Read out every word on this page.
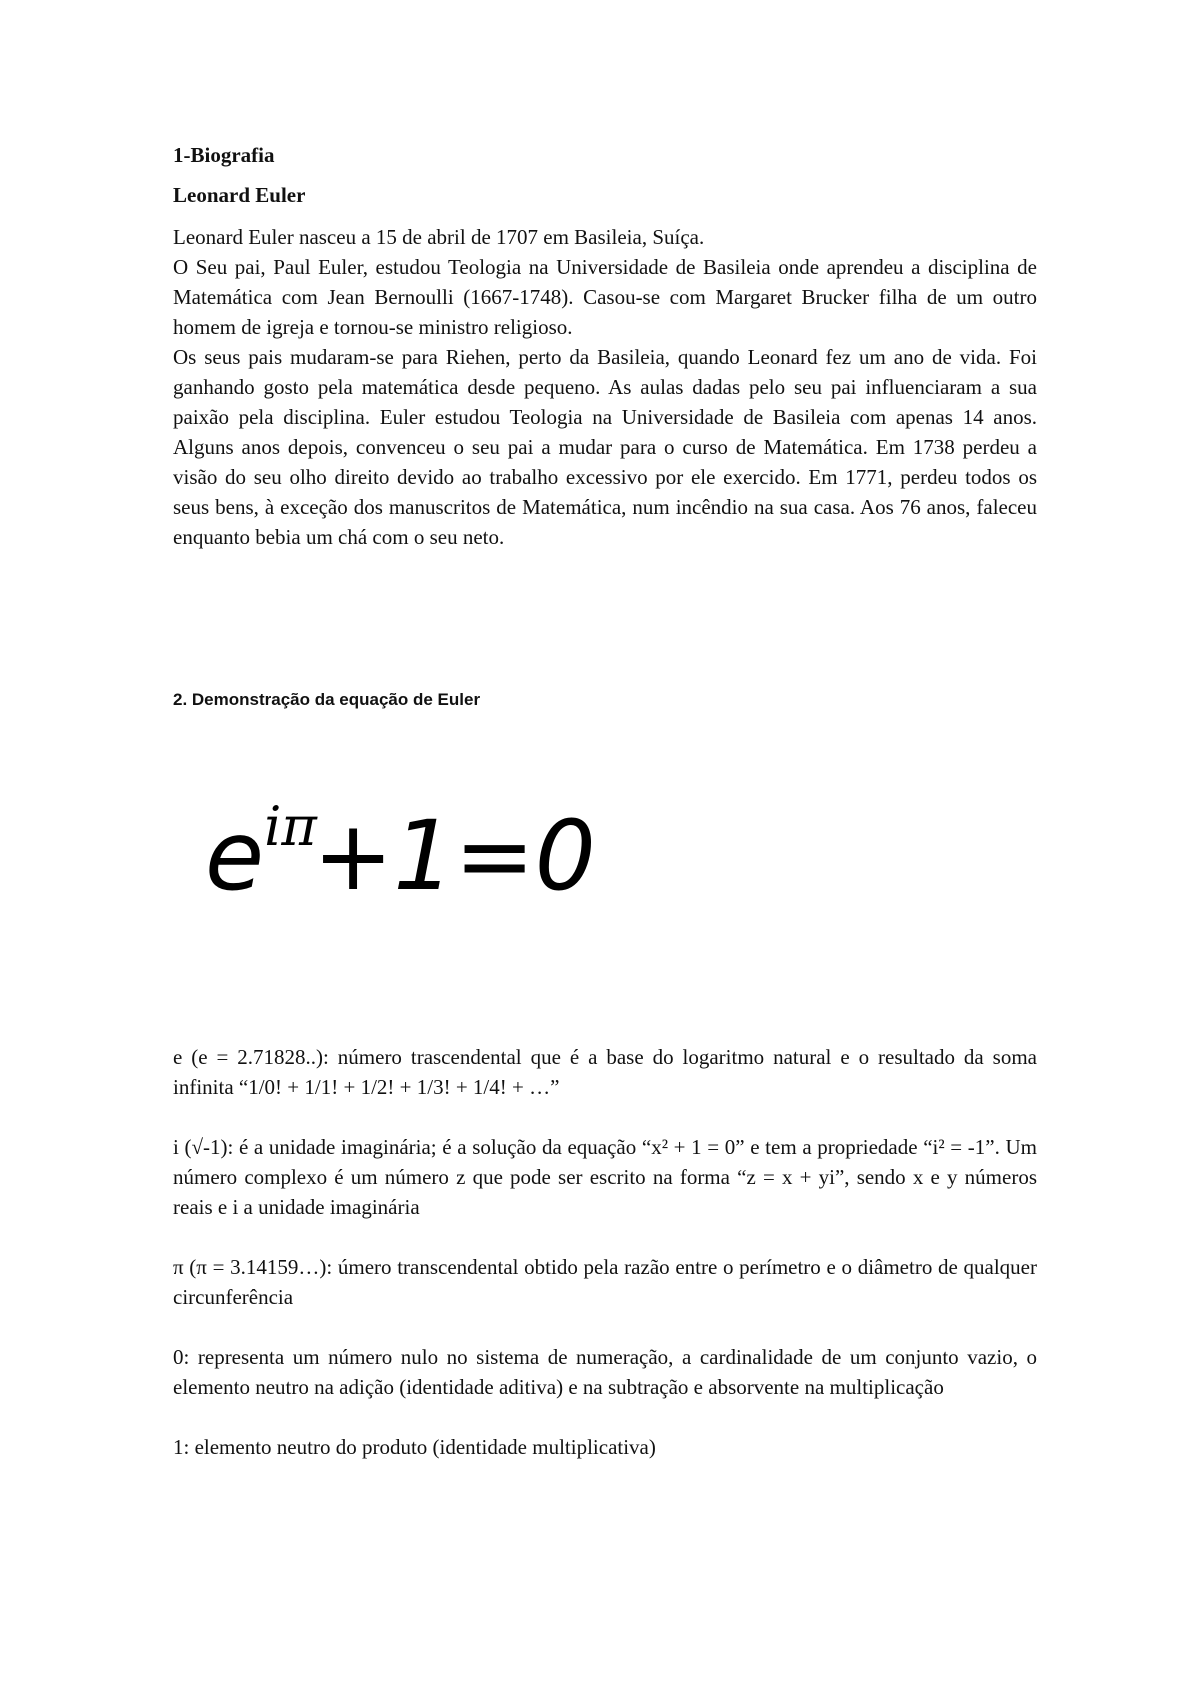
1-Biografia
Leonard Euler

Leonard Euler nasceu a 15 de abril de 1707 em Basileia, Suíça.

O Seu pai, Paul Euler, estudou Teologia na Universidade de Basileia onde aprendeu a disciplina de Matemática com Jean Bernoulli (1667-1748). Casou-se com Margaret Brucker filha de um outro homem de igreja e tornou-se ministro religioso.

Os seus pais mudaram-se para Riehen, perto da Basileia, quando Leonard fez um ano de vida. Foi ganhando gosto pela matemática desde pequeno. As aulas dadas pelo seu pai influenciaram a sua paixão pela disciplina. Euler estudou Teologia na Universidade de Basileia com apenas 14 anos. Alguns anos depois, convenceu o seu pai a mudar para o curso de Matemática. Em 1738 perdeu a visão do seu olho direito devido ao trabalho excessivo por ele exercido. Em 1771, perdeu todos os seus bens, à exceção dos manuscritos de Matemática, num incêndio na sua casa. Aos 76 anos, faleceu enquanto bebia um chá com o seu neto.

2. Demonstração da equação de Euler
eiπ+1=0

e (e = 2.71828..): número trascendental que é a base do logaritmo natural e o resultado da soma infinita “1/0! + 1/1! + 1/2! + 1/3! + 1/4! + …”

i (√-1): é a unidade imaginária; é a solução da equação “x² + 1 = 0” e tem a propriedade “i² = -1”. Um número complexo é um número z que pode ser escrito na forma “z = x + yi”, sendo x e y números reais e i a unidade imaginária

π (π = 3.14159…): úmero transcendental obtido pela razão entre o perímetro e o diâmetro de qualquer circunferência

0: representa um número nulo no sistema de numeração, a cardinalidade de um conjunto vazio, o elemento neutro na adição (identidade aditiva) e na subtração e absorvente na multiplicação

1: elemento neutro do produto (identidade multiplicativa)
